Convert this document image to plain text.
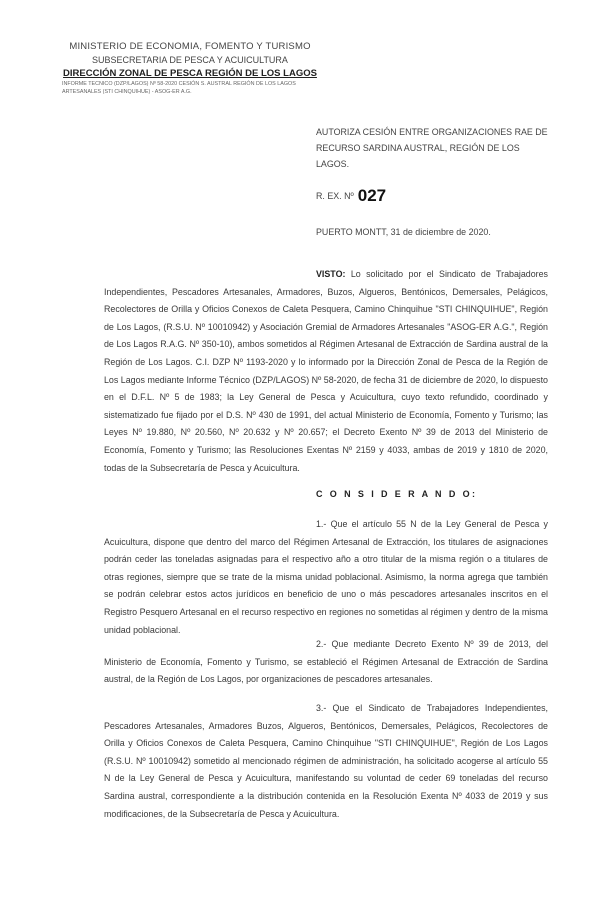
MINISTERIO DE ECONOMIA, FOMENTO Y TURISMO
SUBSECRETARIA DE PESCA Y ACUICULTURA
DIRECCIÓN ZONAL DE PESCA REGIÓN DE LOS LAGOS
INFORME TECNICO (DZP/LAGOS) Nº 58-2020 CESIÓN S. AUSTRAL REGIÓN DE LOS LAGOS
ARTESANALES (STI CHINQUIHUE) - ASOG-ER A.G.
AUTORIZA CESIÓN ENTRE ORGANIZACIONES RAE DE RECURSO SARDINA AUSTRAL, REGIÓN DE LOS LAGOS.
R. EX. Nº 027
PUERTO MONTT, 31 de diciembre de 2020.

VISTO: Lo solicitado por el Sindicato de Trabajadores Independientes, Pescadores Artesanales, Armadores, Buzos, Algueros, Bentónicos, Demersales, Pelágicos, Recolectores de Orilla y Oficios Conexos de Caleta Pesquera, Camino Chinquihue "STI CHINQUIHUE", Región de Los Lagos, (R.S.U. Nº 10010942) y Asociación Gremial de Armadores Artesanales "ASOG-ER A.G.", Región de Los Lagos R.A.G. Nº 350-10), ambos sometidos al Régimen Artesanal de Extracción de Sardina austral de la Región de Los Lagos. C.I. DZP Nº 1193-2020 y lo informado por la Dirección Zonal de Pesca de la Región de Los Lagos mediante Informe Técnico (DZP/LAGOS) Nº 58-2020, de fecha 31 de diciembre de 2020, lo dispuesto en el D.F.L. Nº 5 de 1983; la Ley General de Pesca y Acuicultura, cuyo texto refundido, coordinado y sistematizado fue fijado por el D.S. Nº 430 de 1991, del actual Ministerio de Economía, Fomento y Turismo; las Leyes Nº 19.880, Nº 20.560, Nº 20.632 y Nº 20.657; el Decreto Exento Nº 39 de 2013 del Ministerio de Economía, Fomento y Turismo; las Resoluciones Exentas Nº 2159 y 4033, ambas de 2019 y 1810 de 2020, todas de la Subsecretaría de Pesca y Acuicultura.

C O N S I D E R A N D O:

1.- Que el artículo 55 N de la Ley General de Pesca y Acuicultura, dispone que dentro del marco del Régimen Artesanal de Extracción, los titulares de asignaciones podrán ceder las toneladas asignadas para el respectivo año a otro titular de la misma región o a titulares de otras regiones, siempre que se trate de la misma unidad poblacional. Asimismo, la norma agrega que también se podrán celebrar estos actos jurídicos en beneficio de uno o más pescadores artesanales inscritos en el Registro Pesquero Artesanal en el recurso respectivo en regiones no sometidas al régimen y dentro de la misma unidad poblacional.

2.- Que mediante Decreto Exento Nº 39 de 2013, del Ministerio de Economía, Fomento y Turismo, se estableció el Régimen Artesanal de Extracción de Sardina austral, de la Región de Los Lagos, por organizaciones de pescadores artesanales.

3.- Que el Sindicato de Trabajadores Independientes, Pescadores Artesanales, Armadores Buzos, Algueros, Bentónicos, Demersales, Pelágicos, Recolectores de Orilla y Oficios Conexos de Caleta Pesquera, Camino Chinquihue "STI CHINQUIHUE", Región de Los Lagos (R.S.U. Nº 10010942) sometido al mencionado régimen de administración, ha solicitado acogerse al artículo 55 N de la Ley General de Pesca y Acuicultura, manifestando su voluntad de ceder 69 toneladas del recurso Sardina austral, correspondiente a la distribución contenida en la Resolución Exenta Nº 4033 de 2019 y sus modificaciones, de la Subsecretaría de Pesca y Acuicultura.
